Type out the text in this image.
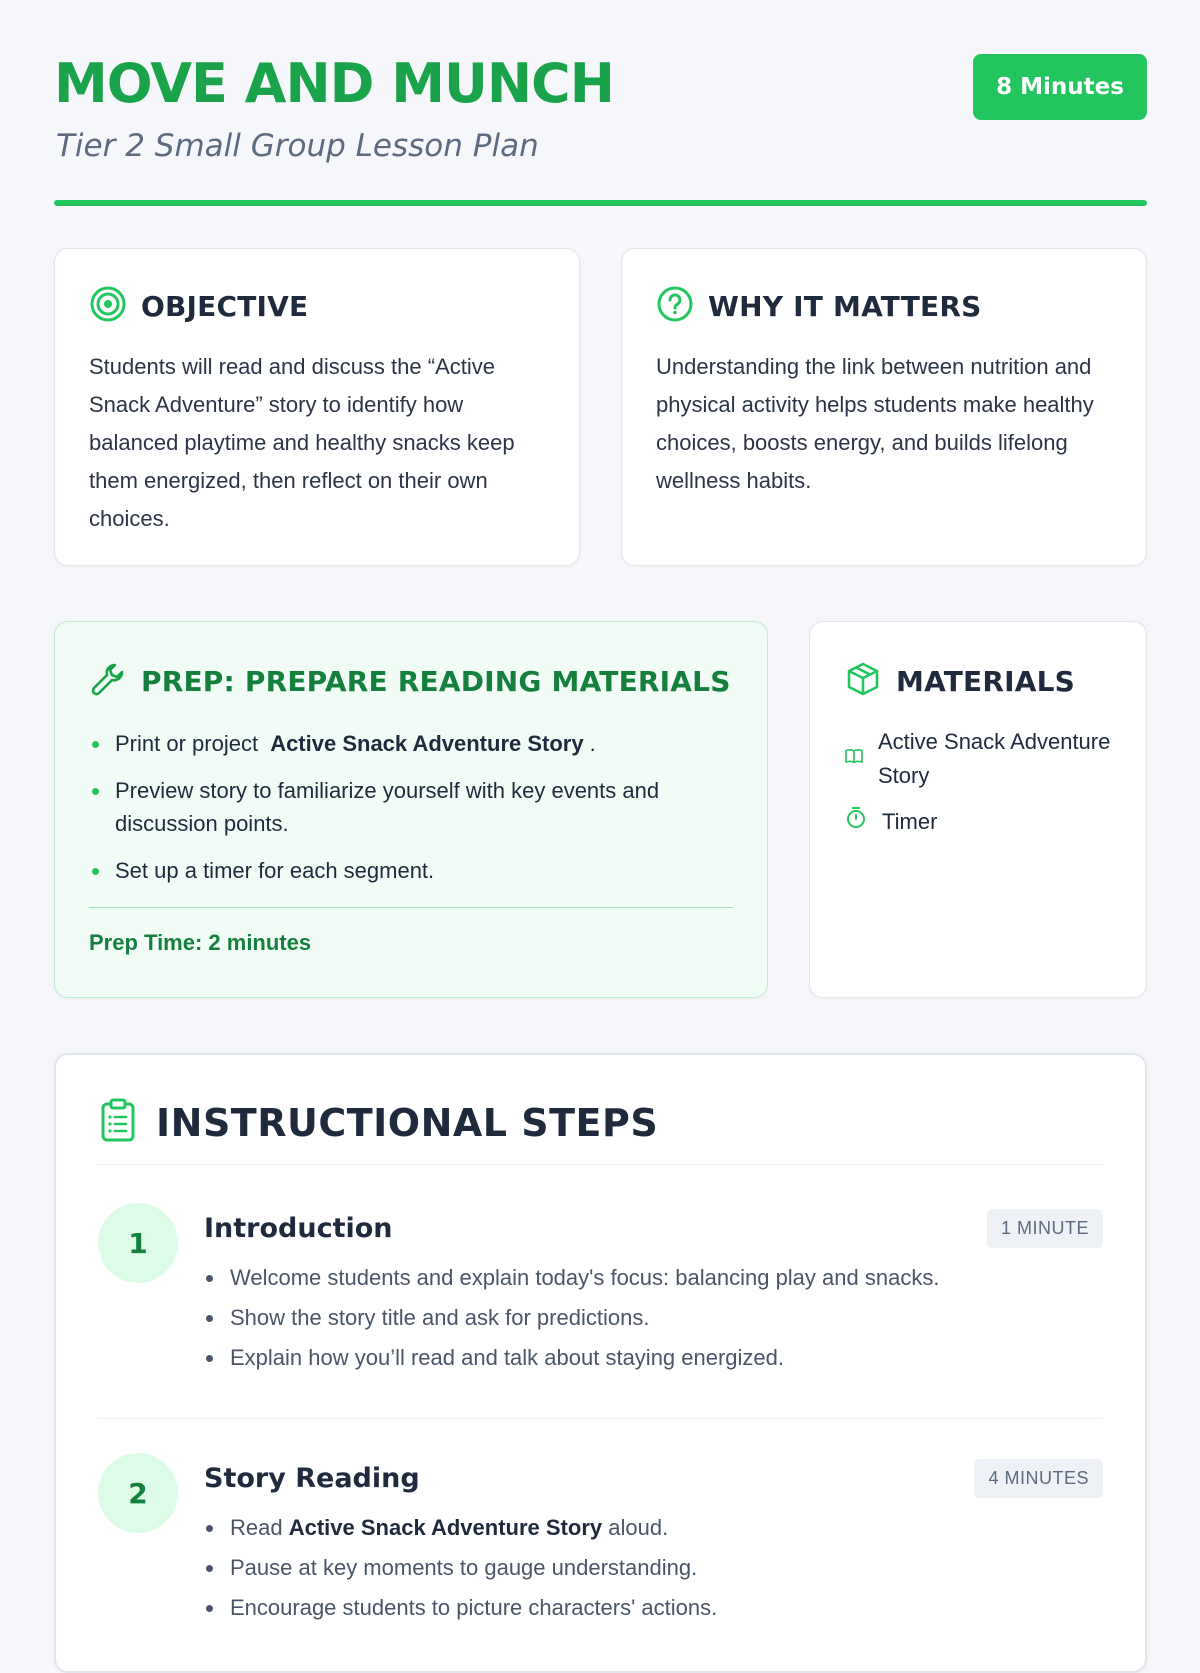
MOVE AND MUNCH

Tier 2 Small Group Lesson Plan

8 Minutes
OBJECTIVE
Students will read and discuss the “Active Snack Adventure” story to identify how balanced playtime and healthy snacks keep them energized, then reflect on their own choices.
WHY IT MATTERS
Understanding the link between nutrition and physical activity helps students make healthy choices, boosts energy, and builds lifelong wellness habits.
PREP: PREPARE READING MATERIALS
Print or project Active Snack Adventure Story .
Preview story to familiarize yourself with key events and discussion points.
Set up a timer for each segment.
Prep Time: 2 minutes
MATERIALS
Active Snack Adventure Story
Timer
INSTRUCTIONAL STEPS
1	Introduction	1 MINUTE
Welcome students and explain today's focus: balancing play and snacks.
Show the story title and ask for predictions.
Explain how you’ll read and talk about staying energized.
2	Story Reading	4 MINUTES
Read Active Snack Adventure Story aloud.
Pause at key moments to gauge understanding.
Encourage students to picture characters' actions.
